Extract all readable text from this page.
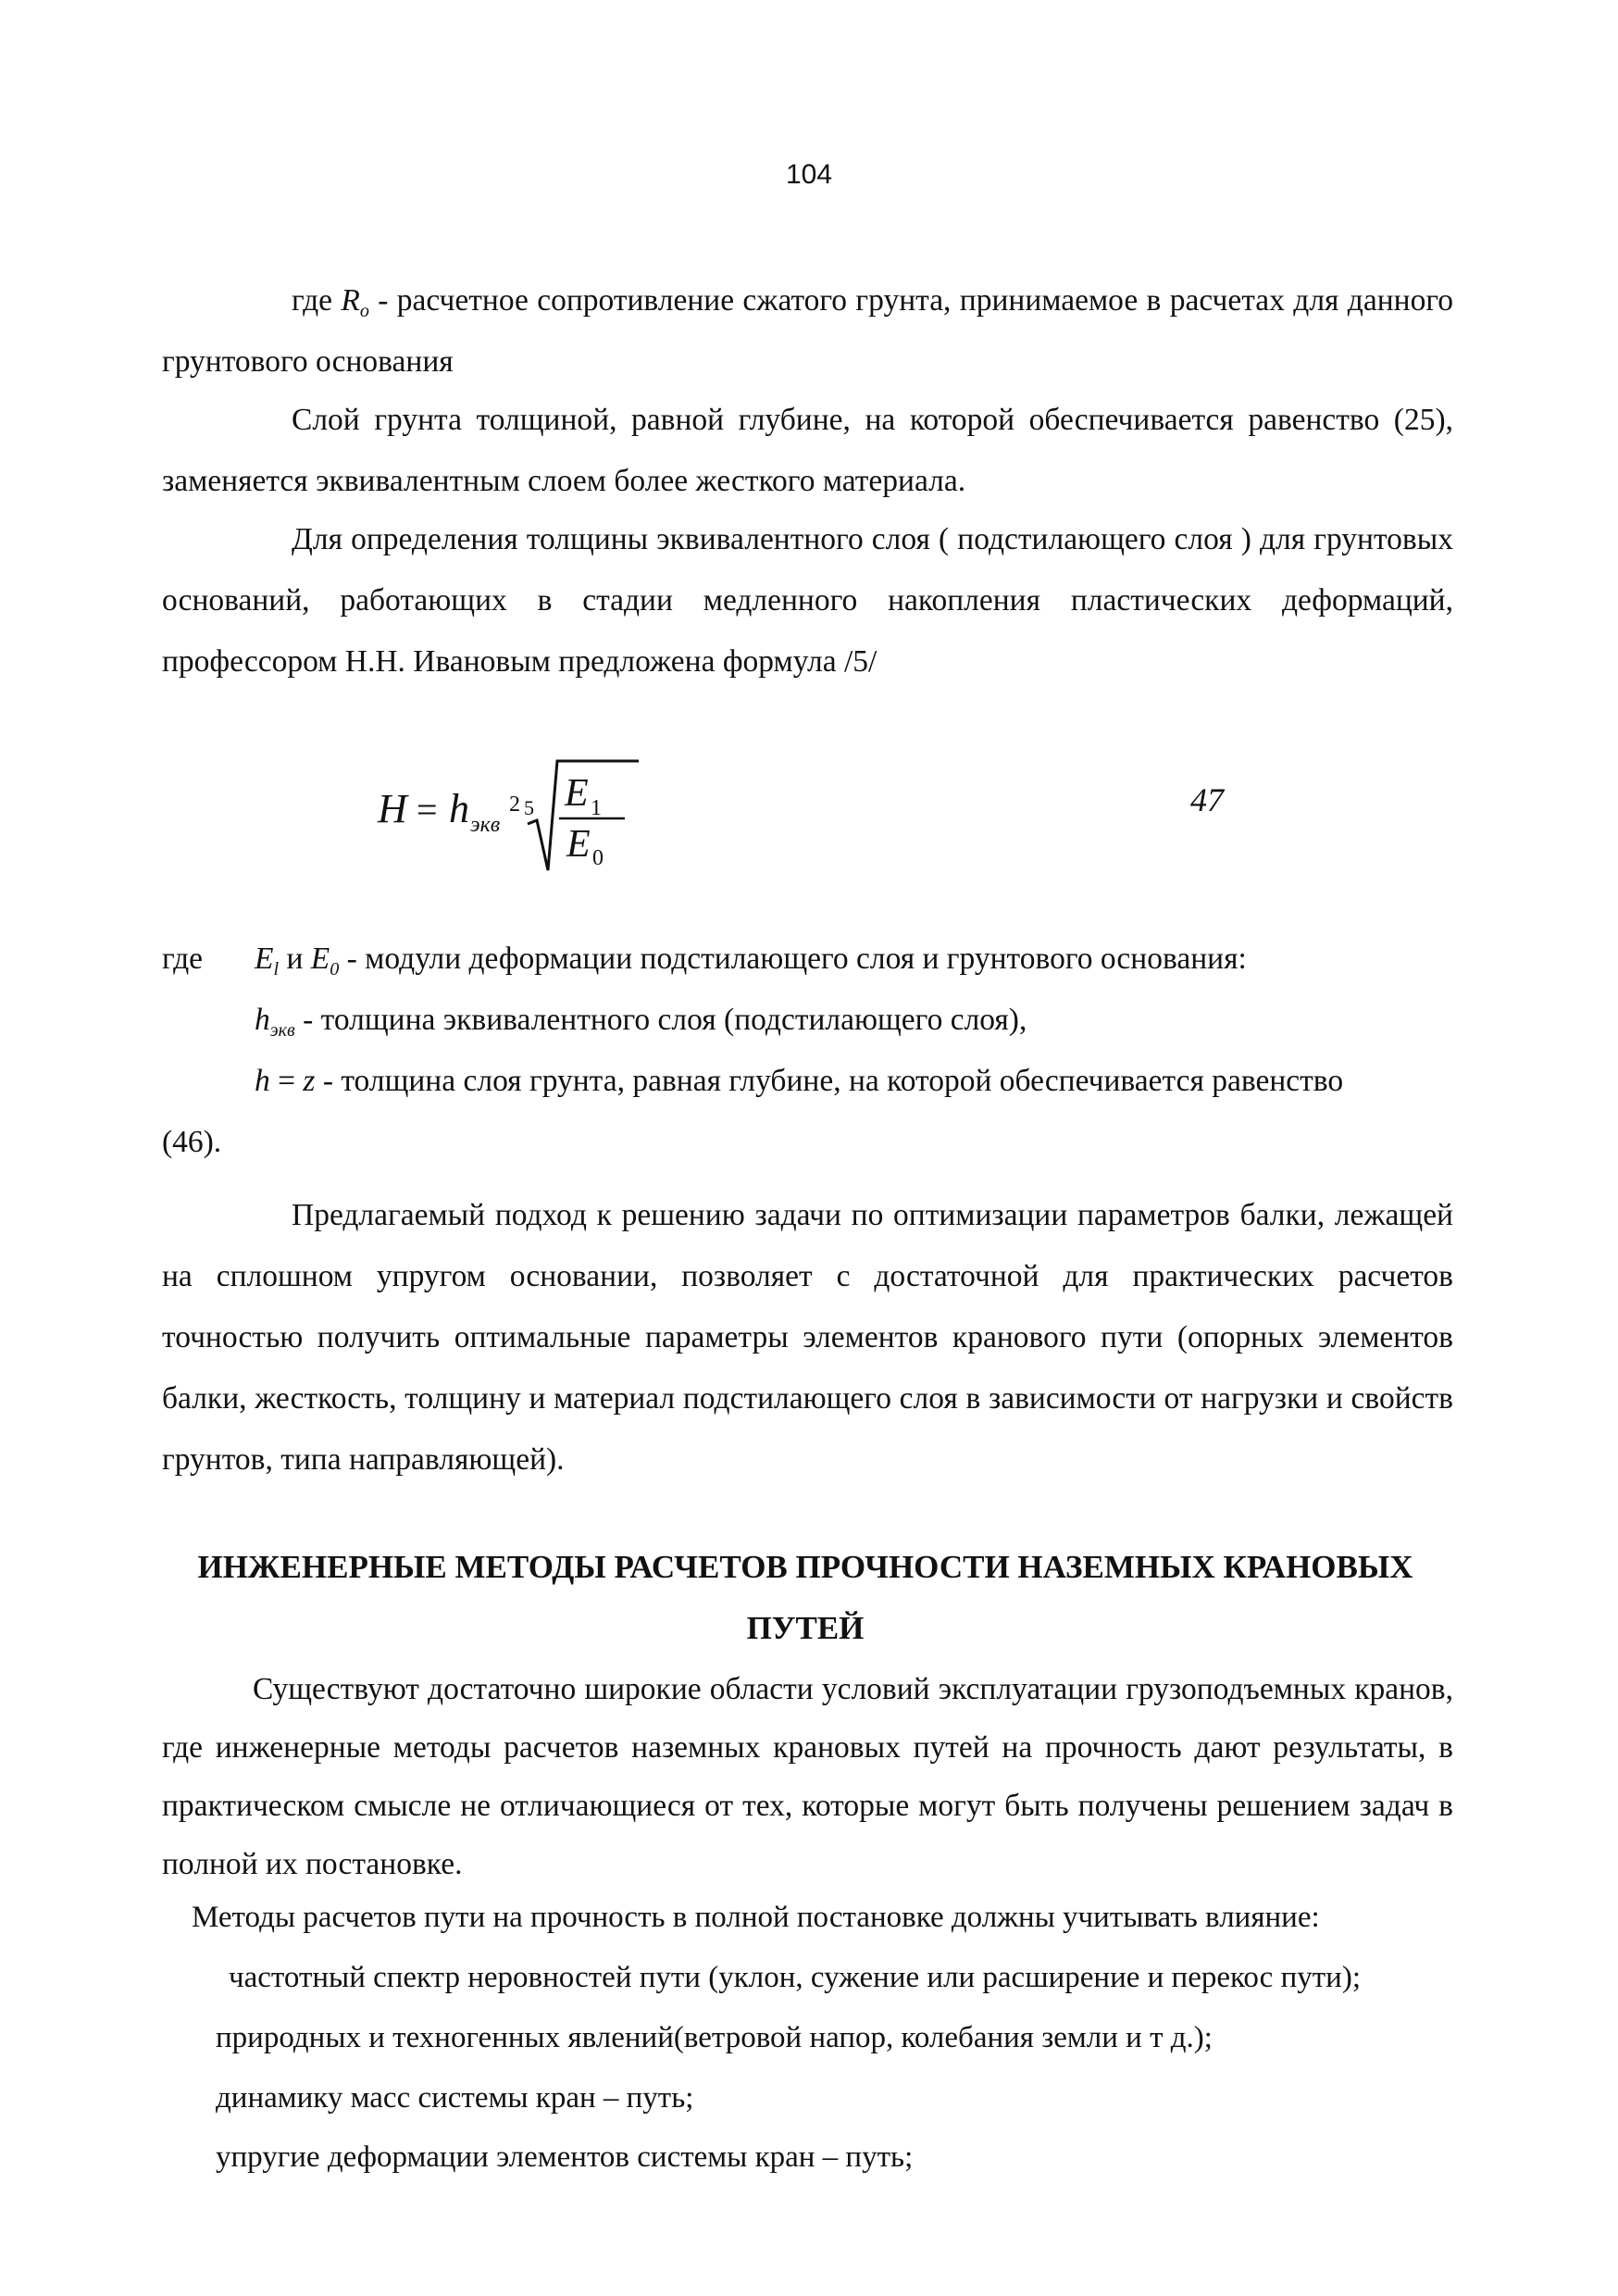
104

где $R_o$ - расчетное сопротивление сжатого грунта, принимаемое в расчетах для данного грунтового основания

Слой грунта толщиной, равной глубине, на которой обеспечивается равенство (25), заменяется эквивалентным слоем более жесткого материала.

Для определения толщины эквивалентного слоя ( подстилающего слоя ) для грунтовых оснований, работающих в стадии медленного накопления пластических деформаций, профессором Н.Н. Ивановым предложена формула /5/

H = h экв
2 5 E 1
E 0
47
где $E_l$ и $E_0$ - модули деформации подстилающего слоя и грунтового основания:
$h_{экв}$ - толщина эквивалентного слоя (подстилающего слоя),
h = z - толщина слоя грунта, равная глубине, на которой обеспечивается равенство
(46).

Предлагаемый подход к решению задачи по оптимизации параметров балки, лежащей на сплошном упругом основании, позволяет с достаточной для практических расчетов точностью получить оптимальные параметры элементов кранового пути (опорных элементов балки, жесткость, толщину и материал подстилающего слоя в зависимости от нагрузки и свойств грунтов, типа направляющей).

ИНЖЕНЕРНЫЕ МЕТОДЫ РАСЧЕТОВ ПРОЧНОСТИ НАЗЕМНЫХ КРАНОВЫХ
ПУТЕЙ

Существуют достаточно широкие области условий эксплуатации грузоподъемных кранов, где инженерные методы расчетов наземных крановых путей на прочность дают результаты, в практическом смысле не отличающиеся от тех, которые могут быть получены решением задач в полной их постановке.

Методы расчетов пути на прочность в полной постановке должны учитывать влияние:
частотный спектр неровностей пути (уклон, сужение или расширение и перекос пути);
природных и техногенных явлений(ветровой напор, колебания земли и т д.);
динамику масс системы кран – путь;
упругие деформации элементов системы кран – путь;
